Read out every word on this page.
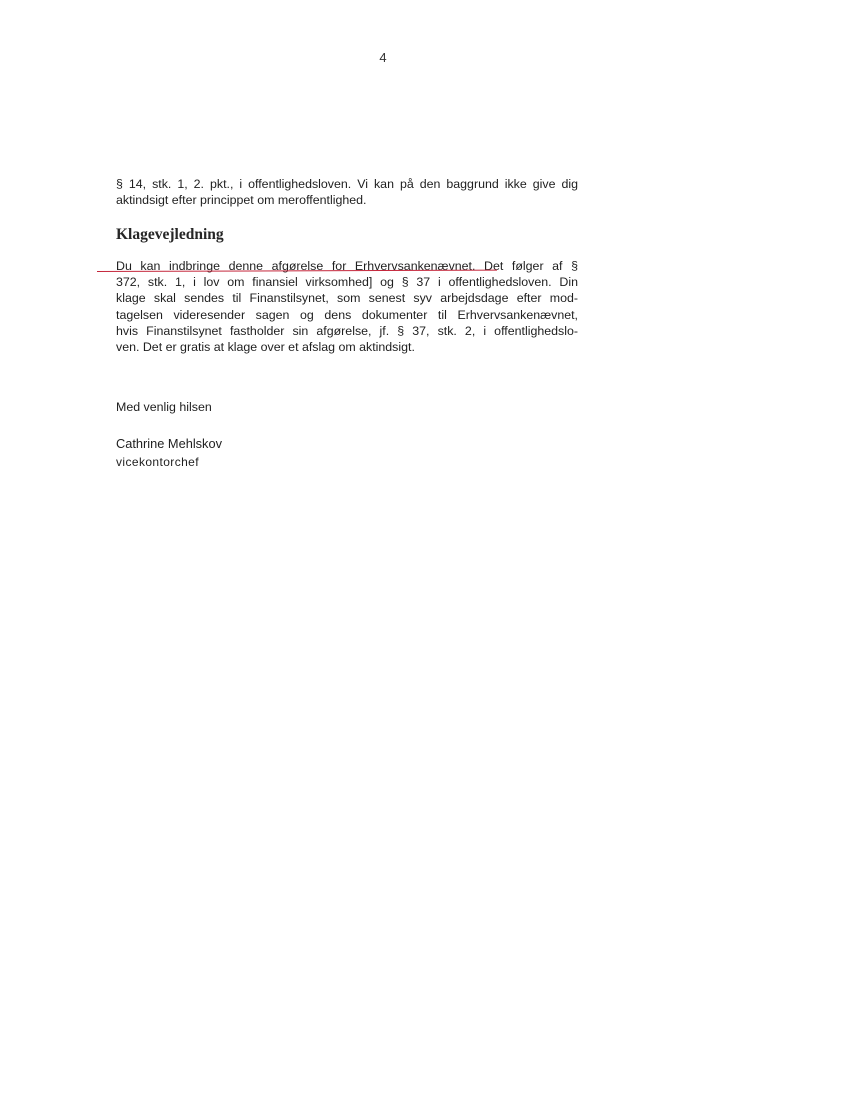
4

§ 14, stk. 1, 2. pkt., i offentlighedsloven. Vi kan på den baggrund ikke give dig
aktindsigt efter princippet om meroffentlighed.

Klagevejledning

Du kan indbringe denne afgørelse for Erhvervsankenævnet. Det følger af §
372, stk. 1, i lov om finansiel virksomhed] og § 37 i offentlighedsloven. Din
klage skal sendes til Finanstilsynet, som senest syv arbejdsdage efter mod-
tagelsen videresender sagen og dens dokumenter til Erhvervsankenævnet,
hvis Finanstilsynet fastholder sin afgørelse, jf. § 37, stk. 2, i offentlighedslo-
ven. Det er gratis at klage over et afslag om aktindsigt.

Med venlig hilsen

Cathrine Mehlskov

vicekontorchef
